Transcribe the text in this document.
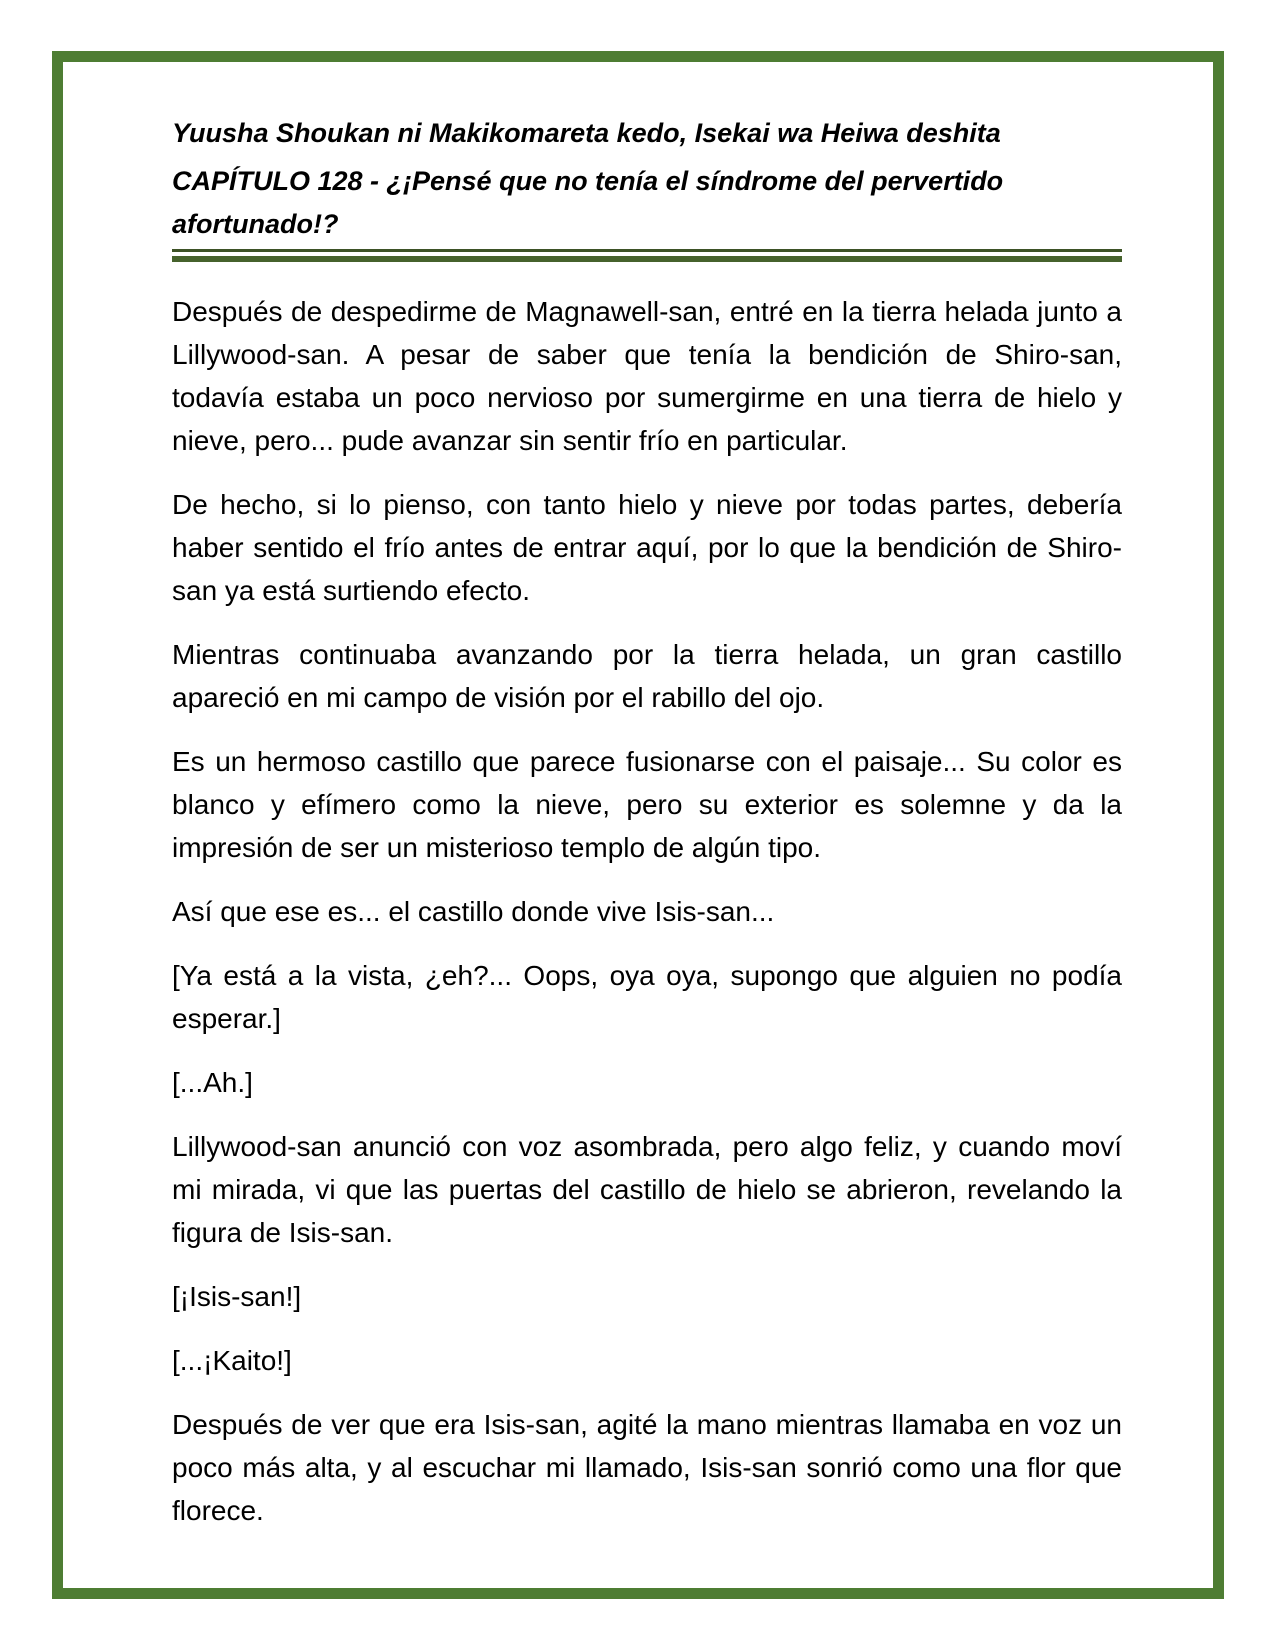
Yuusha Shoukan ni Makikomareta kedo, Isekai wa Heiwa deshita
CAPÍTULO 128 - ¿¡Pensé que no tenía el síndrome del pervertido afortunado!?

Después de despedirme de Magnawell-san, entré en la tierra helada junto a Lillywood-san. A pesar de saber que tenía la bendición de Shiro-san, todavía estaba un poco nervioso por sumergirme en una tierra de hielo y nieve, pero... pude avanzar sin sentir frío en particular.

De hecho, si lo pienso, con tanto hielo y nieve por todas partes, debería haber sentido el frío antes de entrar aquí, por lo que la bendición de Shiro-san ya está surtiendo efecto.

Mientras continuaba avanzando por la tierra helada, un gran castillo apareció en mi campo de visión por el rabillo del ojo.

Es un hermoso castillo que parece fusionarse con el paisaje... Su color es blanco y efímero como la nieve, pero su exterior es solemne y da la impresión de ser un misterioso templo de algún tipo.

Así que ese es... el castillo donde vive Isis-san...

[Ya está a la vista, ¿eh?... Oops, oya oya, supongo que alguien no podía esperar.]

[...Ah.]

Lillywood-san anunció con voz asombrada, pero algo feliz, y cuando moví mi mirada, vi que las puertas del castillo de hielo se abrieron, revelando la figura de Isis-san.

[¡Isis-san!]

[...¡Kaito!]

Después de ver que era Isis-san, agité la mano mientras llamaba en voz un poco más alta, y al escuchar mi llamado, Isis-san sonrió como una flor que florece.
